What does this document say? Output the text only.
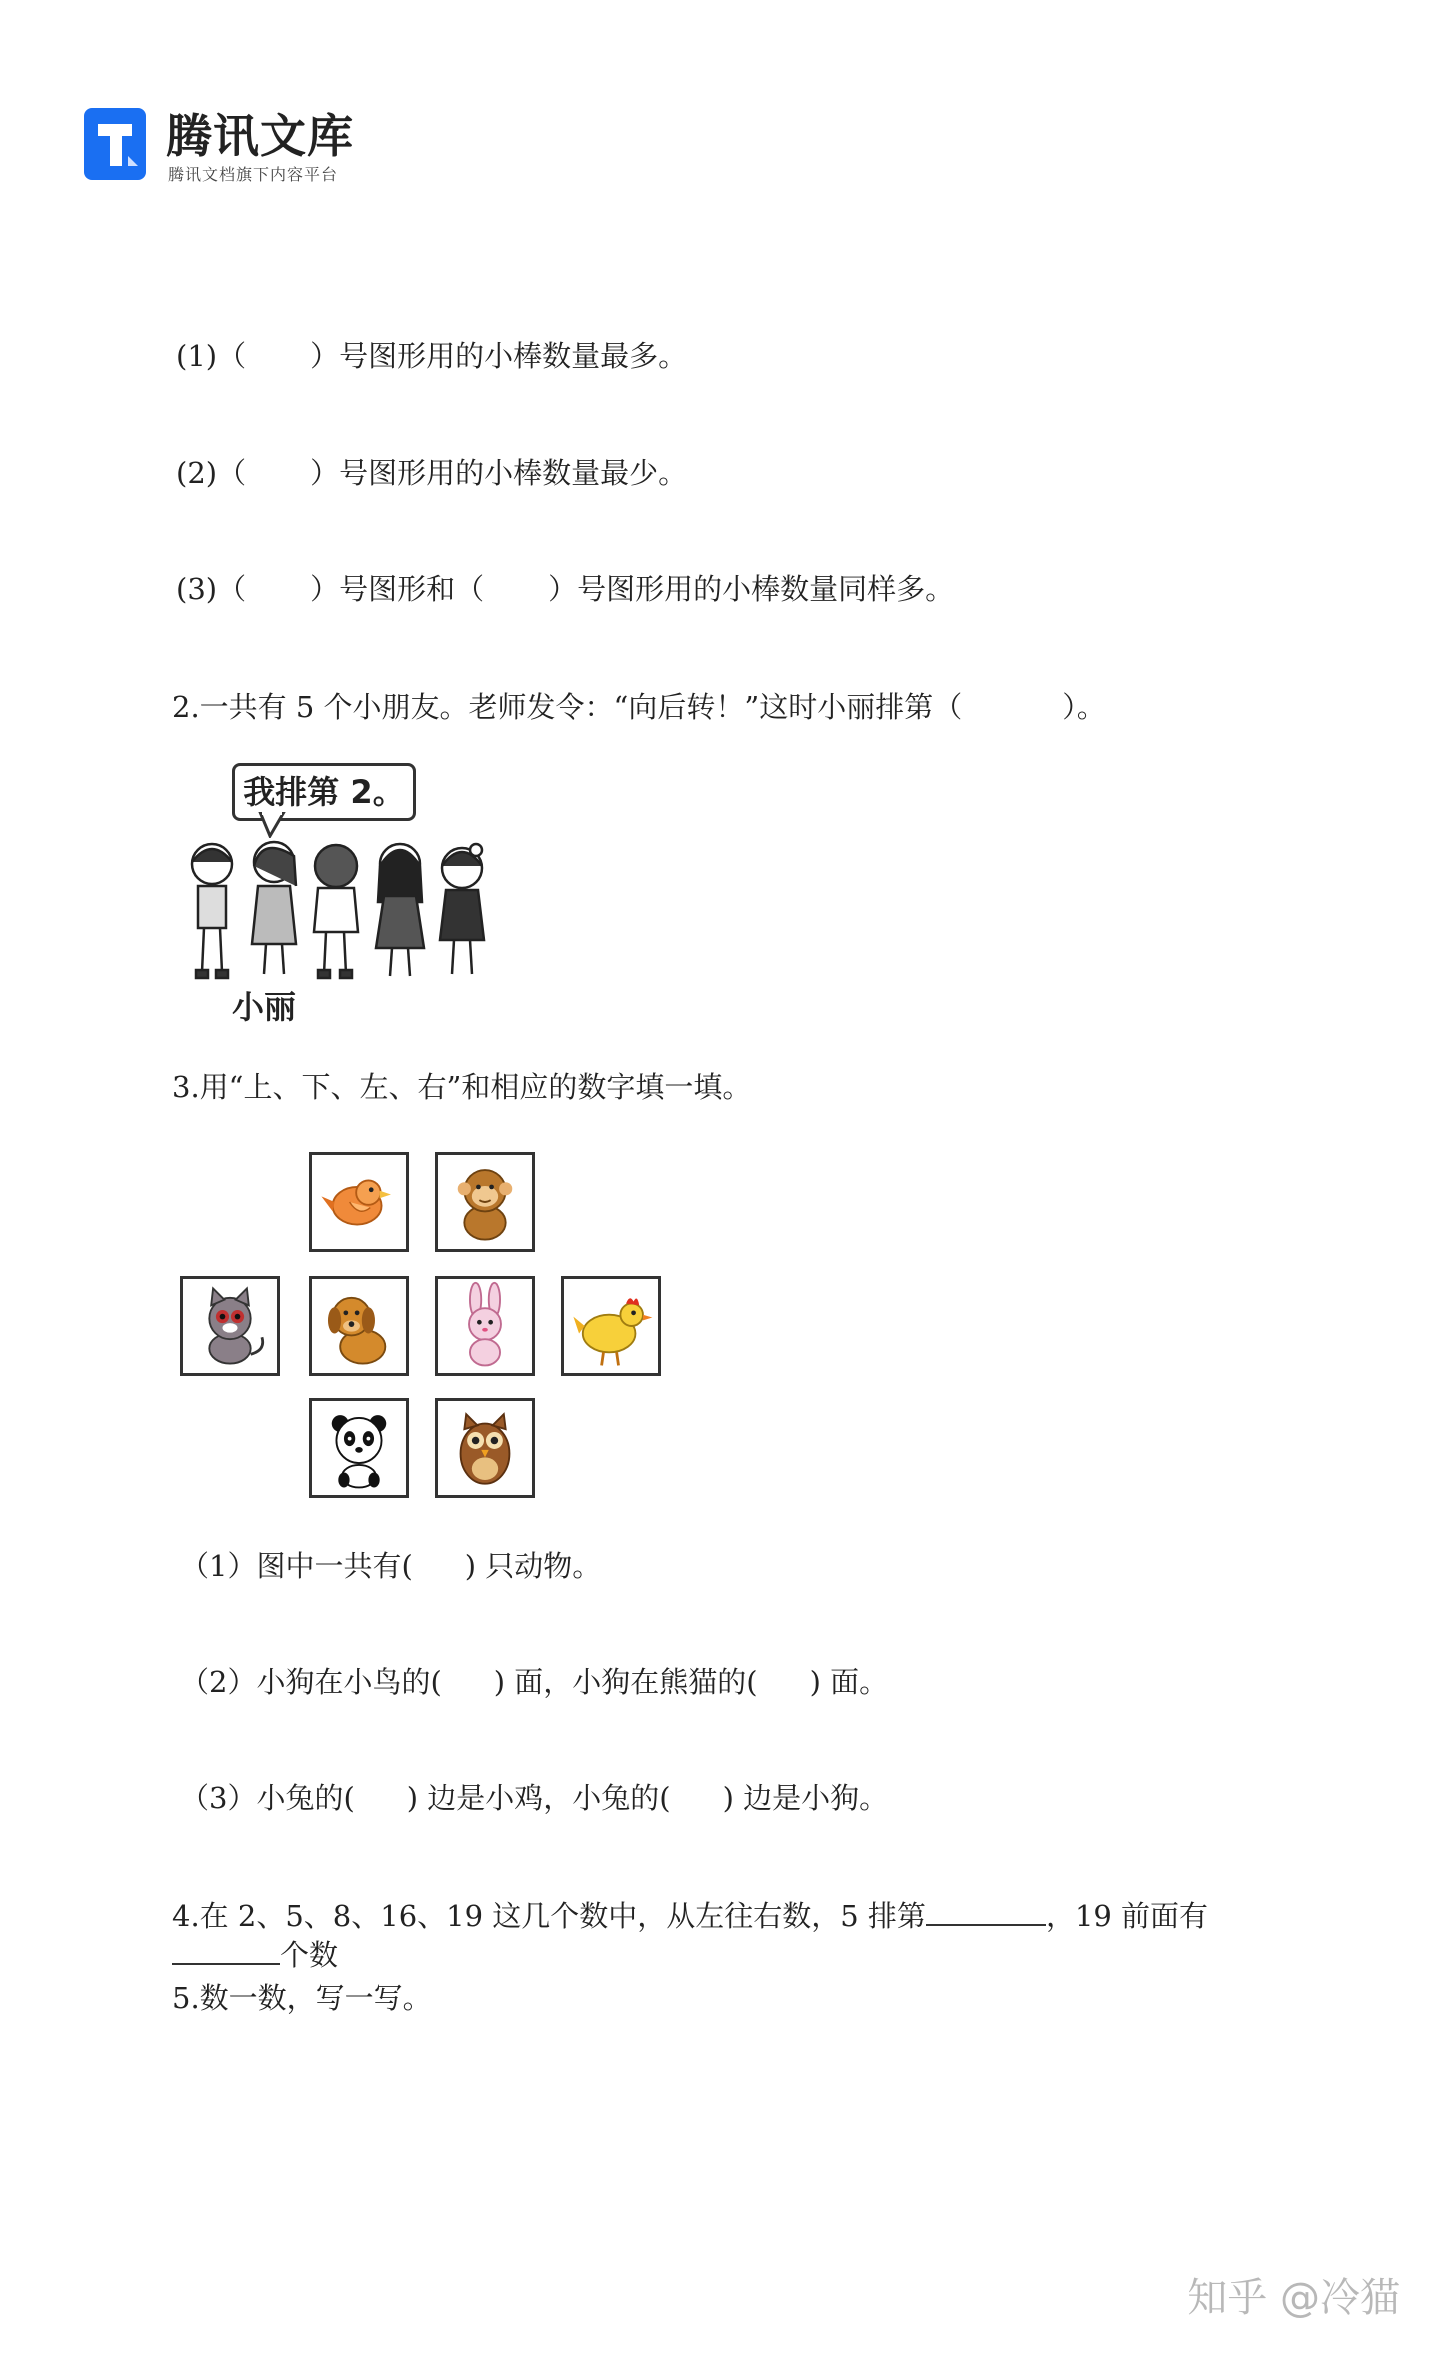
腾讯文库
腾讯文档旗下内容平台
(1)（ ）号图形用的小棒数量最多。
(2)（ ）号图形用的小棒数量最少。
(3)（ ）号图形和（ ）号图形用的小棒数量同样多。
2.一共有 5 个小朋友。老师发令：“向后转！”这时小丽排第（	）。
我排第 2。
小丽
3.用“上、下、左、右”和相应的数字填一填。
（1）图中一共有( ) 只动物。
（2）小狗在小鸟的( ) 面，小狗在熊猫的( ) 面。
（3）小兔的( ) 边是小鸡，小兔的( ) 边是小狗。
4.在 2、5、8、16、19 这几个数中，从左往右数，5 排第	，19 前面有
个数
5.数一数，写一写。
知乎 @冷猫
